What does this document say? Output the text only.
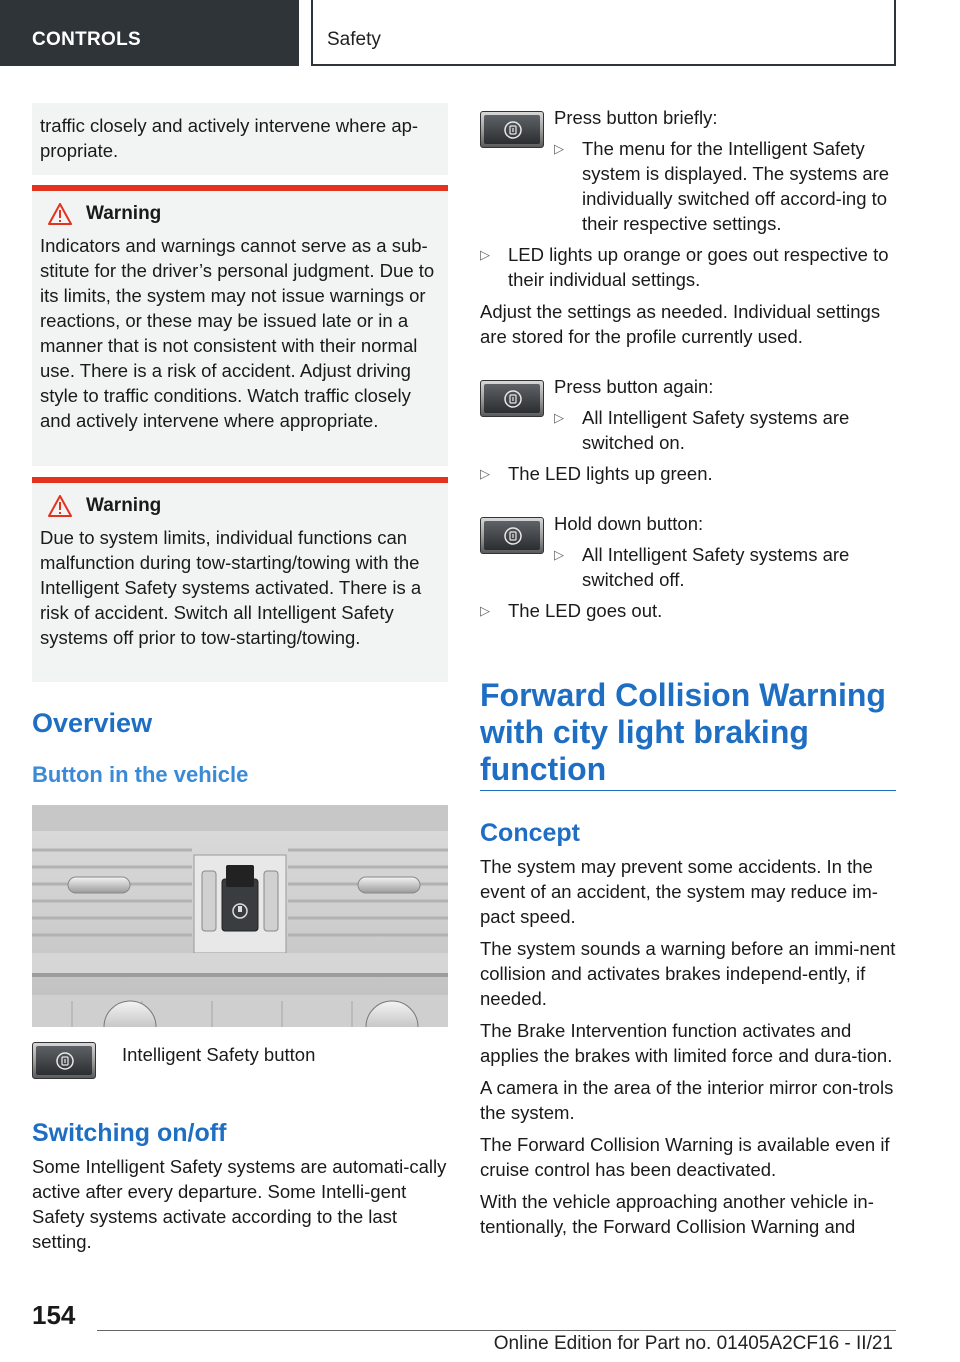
CONTROLS	Safety

traffic closely and actively intervene where ap-propriate.

Warning

Indicators and warnings cannot serve as a sub-stitute for the driver’s personal judgment. Due to its limits, the system may not issue warnings or reactions, or these may be issued late or in a manner that is not consistent with their normal use. There is a risk of accident. Adjust driving style to traffic conditions. Watch traffic closely and actively intervene where appropriate.

Warning

Due to system limits, individual functions can malfunction during tow-starting/towing with the Intelligent Safety systems activated. There is a risk of accident. Switch all Intelligent Safety systems off prior to tow-starting/towing.

Overview
Button in the vehicle

Intelligent Safety button

Switching on/off

Some Intelligent Safety systems are automati-cally active after every departure. Some Intelli-gent Safety systems activate according to the last setting.

Press button briefly:

▷ The menu for the Intelligent Safety system is displayed. The systems are individually switched off accord-ing to their respective settings.

▷ LED lights up orange or goes out respective to their individual settings.

Adjust the settings as needed. Individual settings are stored for the profile currently used.

Press button again:

▷ All Intelligent Safety systems are switched on.

▷ The LED lights up green.

Hold down button:

▷ All Intelligent Safety systems are switched off.

▷ The LED goes out.

Forward Collision Warning with city light braking function
Concept

The system may prevent some accidents. In the event of an accident, the system may reduce im-pact speed.

The system sounds a warning before an immi-nent collision and activates brakes independ-ently, if needed.

The Brake Intervention function activates and applies the brakes with limited force and dura-tion.

A camera in the area of the interior mirror con-trols the system.

The Forward Collision Warning is available even if cruise control has been deactivated.

With the vehicle approaching another vehicle in-tentionally, the Forward Collision Warning and

154
Online Edition for Part no. 01405A2CF16 - II/21
